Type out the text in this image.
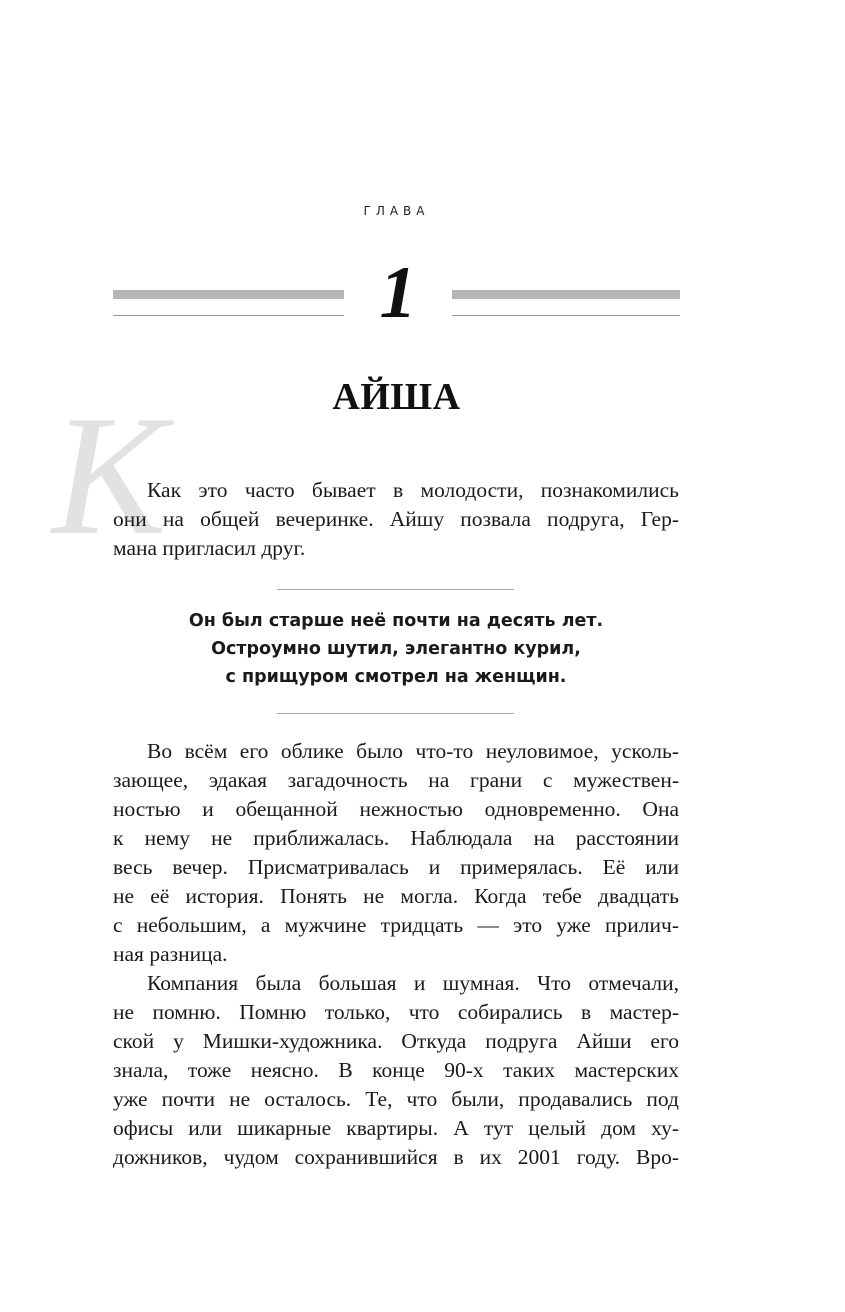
ГЛАВА
1
АЙША
К
Как это часто бывает в молодости, познакомились
они на общей вечеринке. Айшу позвала подруга, Гер-
мана пригласил друг.
Он был старше неё почти на десять лет.
Остроумно шутил, элегантно курил,
с прищуром смотрел на женщин.
Во всём его облике было что-то неуловимое, усколь-
зающее, эдакая загадочность на грани с мужествен-
ностью и обещанной нежностью одновременно. Она
к нему не приближалась. Наблюдала на расстоянии
весь вечер. Присматривалась и примерялась. Её или
не её история. Понять не могла. Когда тебе двадцать
с небольшим, а мужчине тридцать — это уже прилич-
ная разница.
Компания была большая и шумная. Что отмечали,
не помню. Помню только, что собирались в мастер-
ской у Мишки-художника. Откуда подруга Айши его
знала, тоже неясно. В конце 90-х таких мастерских
уже почти не осталось. Те, что были, продавались под
офисы или шикарные квартиры. А тут целый дом ху-
дожников, чудом сохранившийся в их 2001 году. Вро-
